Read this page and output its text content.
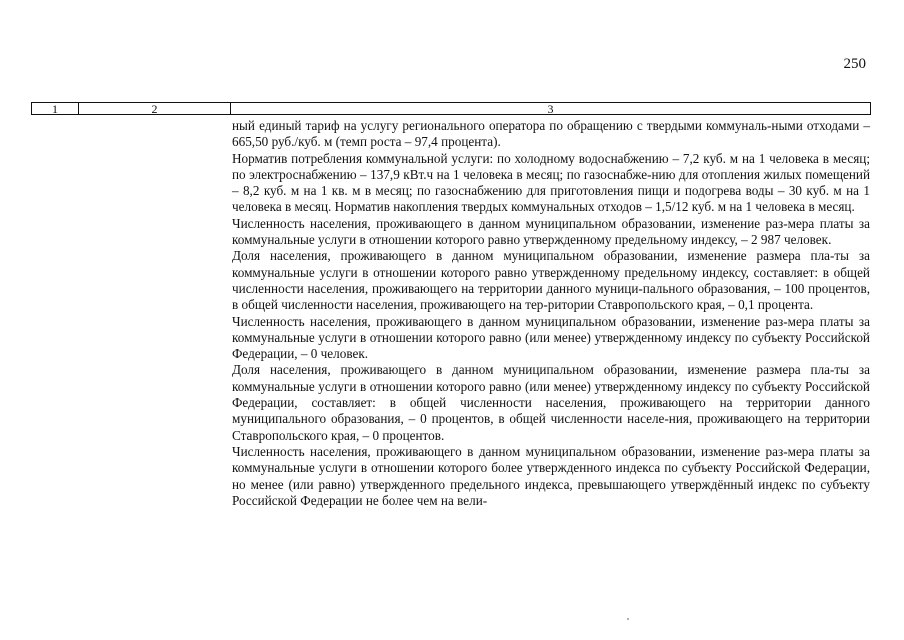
250
1	2	3

ный единый тариф на услугу регионального оператора по обращению с твердыми коммуналь-ными отходами – 665,50 руб./куб. м (темп роста – 97,4 процента).

Норматив потребления коммунальной услуги: по холодному водоснабжению – 7,2 куб. м на 1 человека в месяц; по электроснабжению – 137,9 кВт.ч на 1 человека в месяц; по газоснабже-нию для отопления жилых помещений – 8,2 куб. м на 1 кв. м в месяц; по газоснабжению для приготовления пищи и подогрева воды – 30 куб. м на 1 человека в месяц. Норматив накопления твердых коммунальных отходов – 1,5/12 куб. м на 1 человека в месяц.

Численность населения, проживающего в данном муниципальном образовании, изменение раз-мера платы за коммунальные услуги в отношении которого равно утвержденному предельному индексу, – 2 987 человек.

Доля населения, проживающего в данном муниципальном образовании, изменение размера пла-ты за коммунальные услуги в отношении которого равно утвержденному предельному индексу, составляет: в общей численности населения, проживающего на территории данного муници-пального образования, – 100 процентов, в общей численности населения, проживающего на тер-ритории Ставропольского края, – 0,1 процента.

Численность населения, проживающего в данном муниципальном образовании, изменение раз-мера платы за коммунальные услуги в отношении которого равно (или менее) утвержденному индексу по субъекту Российской Федерации, – 0 человек.

Доля населения, проживающего в данном муниципальном образовании, изменение размера пла-ты за коммунальные услуги в отношении которого равно (или менее) утвержденному индексу по субъекту Российской Федерации, составляет: в общей численности населения, проживающего на территории данного муниципального образования, – 0 процентов, в общей численности населе-ния, проживающего на территории Ставропольского края, – 0 процентов.

Численность населения, проживающего в данном муниципальном образовании, изменение раз-мера платы за коммунальные услуги в отношении которого более утвержденного индекса по субъекту Российской Федерации, но менее (или равно) утвержденного предельного индекса, превышающего утверждённый индекс по субъекту Российской Федерации не более чем на вели-
